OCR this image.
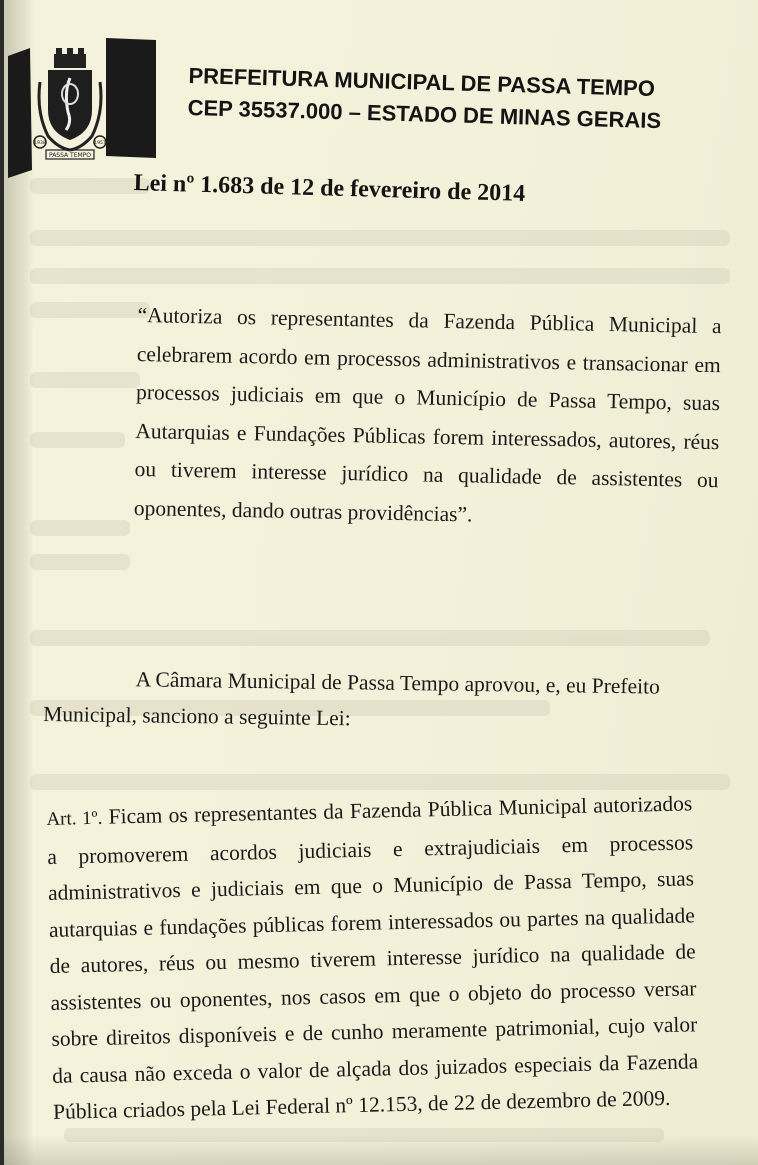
1938	1957
PASSA TEMPO
PREFEITURA MUNICIPAL DE PASSA TEMPO
CEP 35537.000 – ESTADO DE MINAS GERAIS
Lei nº 1.683 de 12 de fevereiro de 2014
“Autoriza os representantes da Fazenda Pública Municipal a celebrarem acordo em processos administrativos e transacionar em processos judiciais em que o Município de Passa Tempo, suas Autarquias e Fundações Públicas forem interessados, autores, réus ou tiverem interesse jurídico na qualidade de assistentes ou oponentes, dando outras providências”.
A Câmara Municipal de Passa Tempo aprovou, e, eu Prefeito Municipal, sanciono a seguinte Lei:
Art. 1º. Ficam os representantes da Fazenda Pública Municipal autorizados a promoverem acordos judiciais e extrajudiciais em processos administrativos e judiciais em que o Município de Passa Tempo, suas autarquias e fundações públicas forem interessados ou partes na qualidade de autores, réus ou mesmo tiverem interesse jurídico na qualidade de assistentes ou oponentes, nos casos em que o objeto do processo versar sobre direitos disponíveis e de cunho meramente patrimonial, cujo valor da causa não exceda o valor de alçada dos juizados especiais da Fazenda Pública criados pela Lei Federal nº 12.153, de 22 de dezembro de 2009.
